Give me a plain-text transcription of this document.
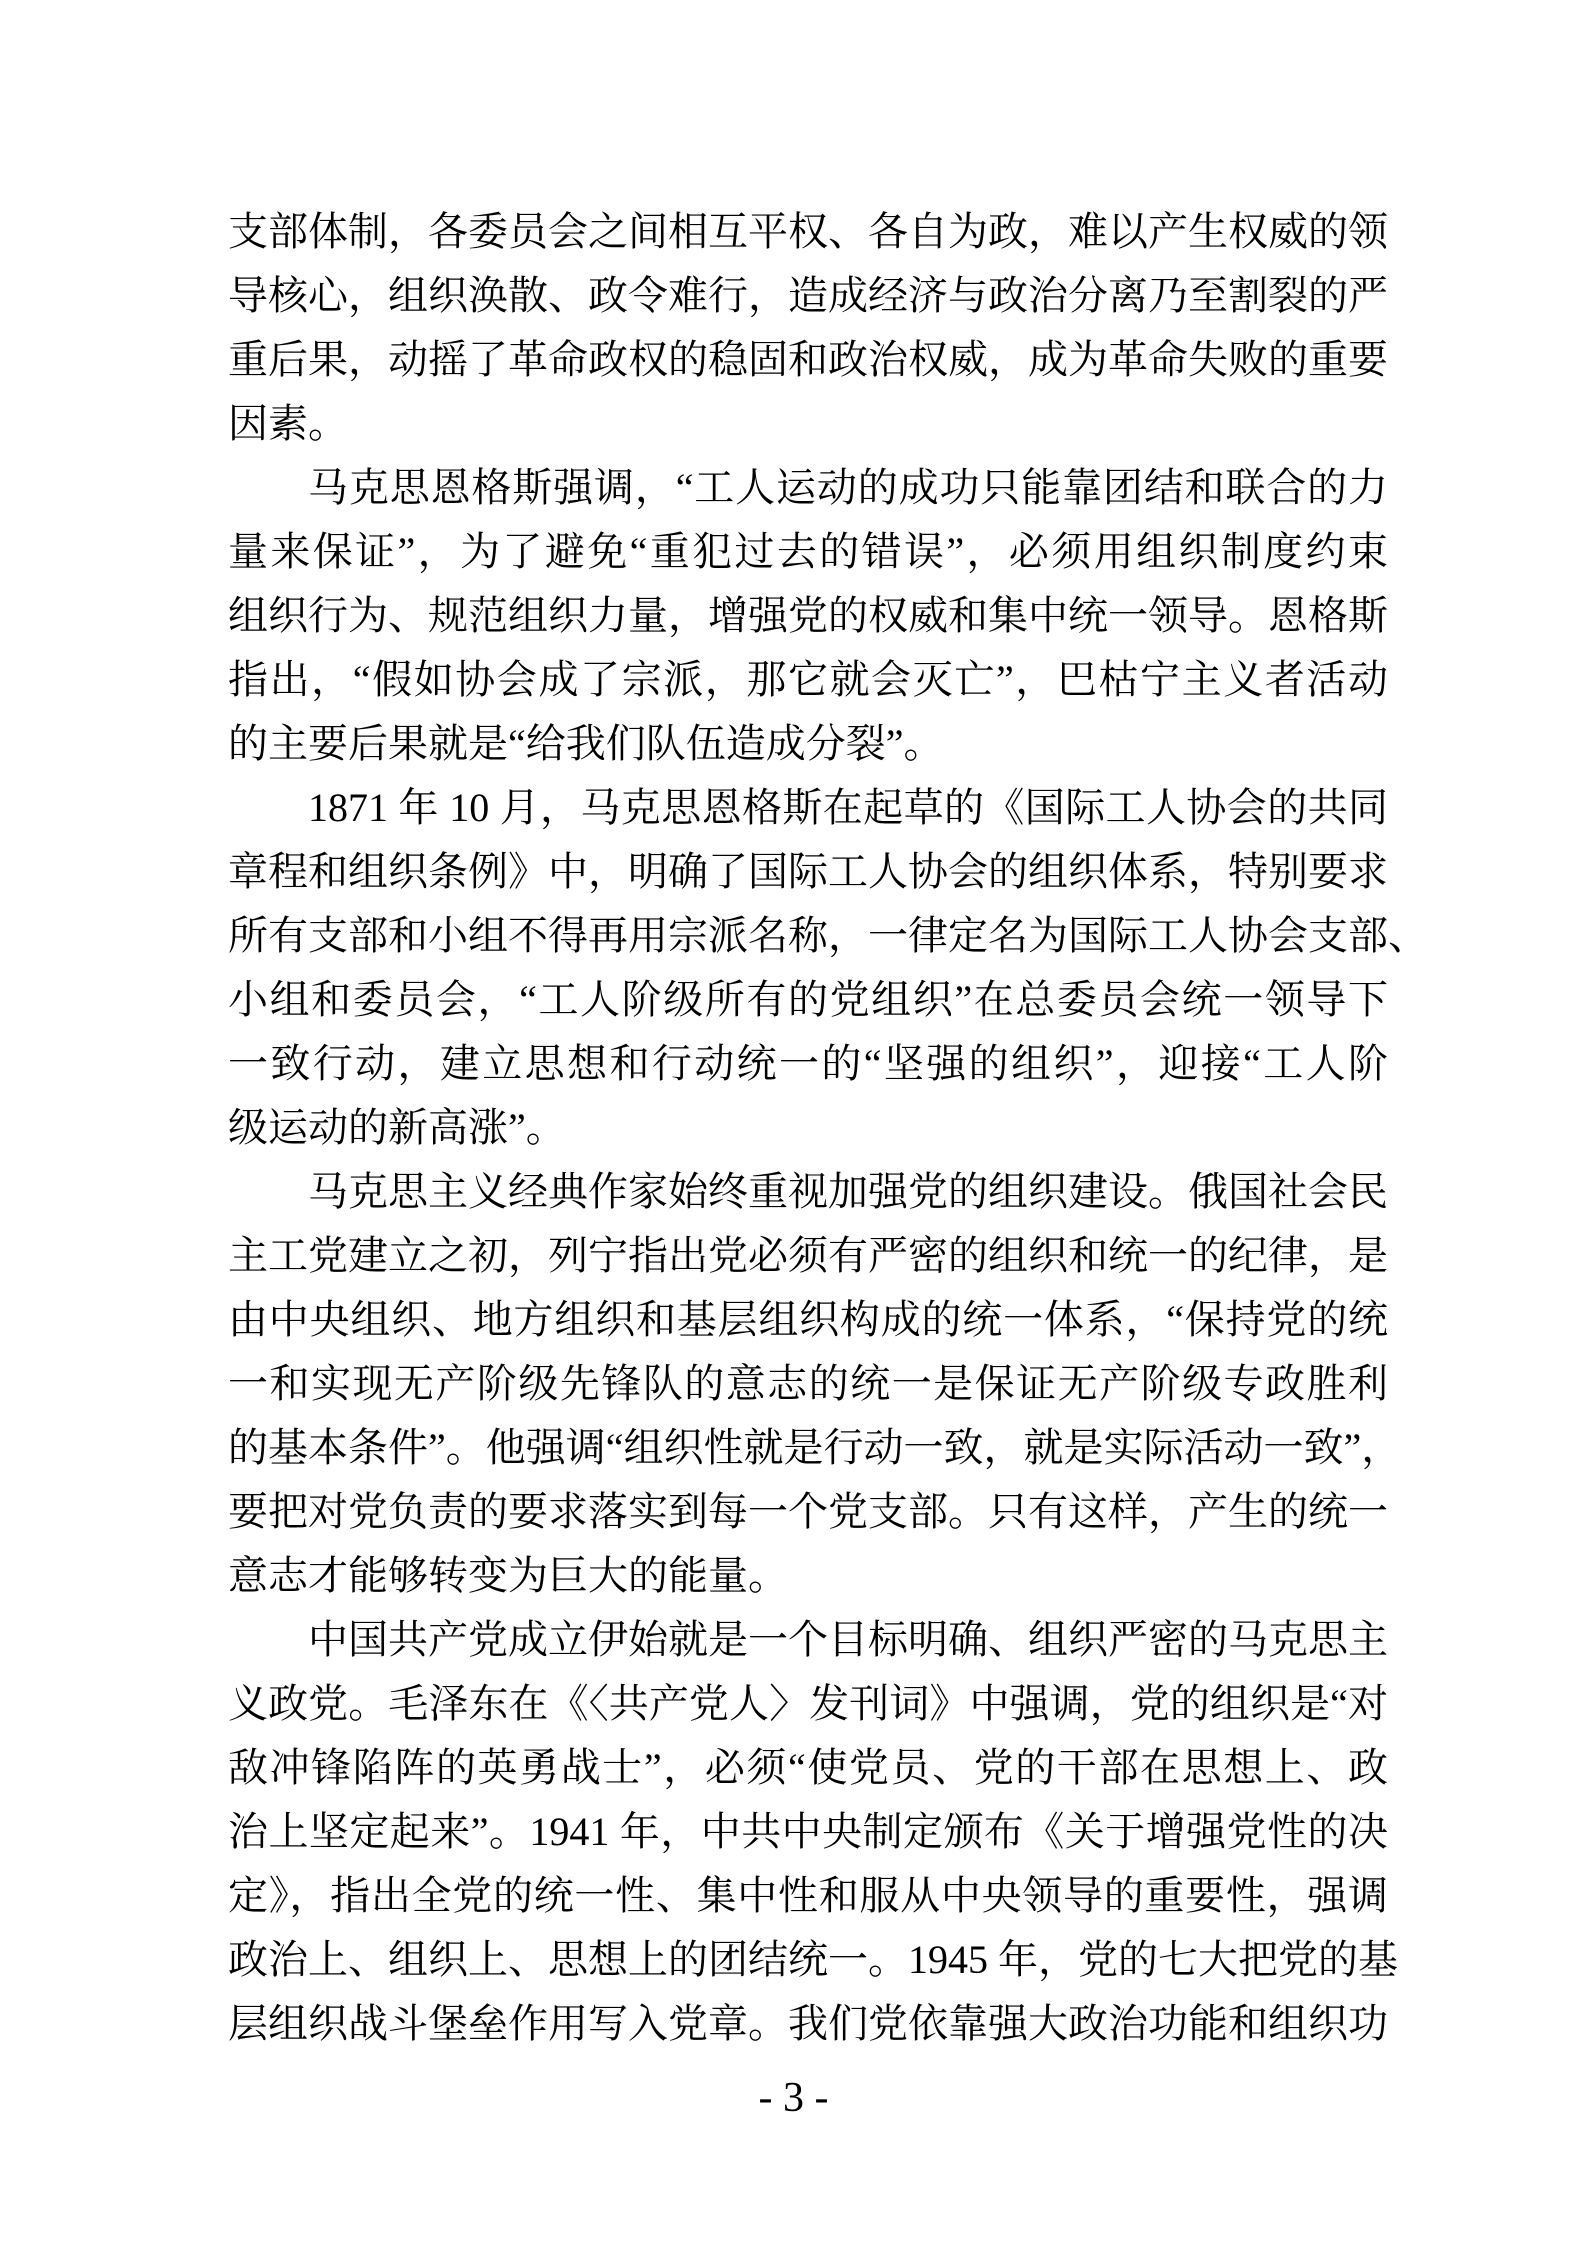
支部体制，各委员会之间相互平权、各自为政，难以产生权威的领
导核心，组织涣散、政令难行，造成经济与政治分离乃至割裂的严
重后果，动摇了革命政权的稳固和政治权威，成为革命失败的重要
因素。
马克思恩格斯强调，“工人运动的成功只能靠团结和联合的力
量来保证”，为了避免“重犯过去的错误”，必须用组织制度约束
组织行为、规范组织力量，增强党的权威和集中统一领导。恩格斯
指出，“假如协会成了宗派，那它就会灭亡”，巴枯宁主义者活动
的主要后果就是“给我们队伍造成分裂”。
1871 年 10 月，马克思恩格斯在起草的《国际工人协会的共同
章程和组织条例》中，明确了国际工人协会的组织体系，特别要求
所有支部和小组不得再用宗派名称，一律定名为国际工人协会支部、
小组和委员会，“工人阶级所有的党组织”在总委员会统一领导下
一致行动，建立思想和行动统一的“坚强的组织”，迎接“工人阶
级运动的新高涨”。
马克思主义经典作家始终重视加强党的组织建设。俄国社会民
主工党建立之初，列宁指出党必须有严密的组织和统一的纪律，是
由中央组织、地方组织和基层组织构成的统一体系，“保持党的统
一和实现无产阶级先锋队的意志的统一是保证无产阶级专政胜利
的基本条件”。他强调“组织性就是行动一致，就是实际活动一致”，
要把对党负责的要求落实到每一个党支部。只有这样，产生的统一
意志才能够转变为巨大的能量。
中国共产党成立伊始就是一个目标明确、组织严密的马克思主
义政党。毛泽东在《〈共产党人〉发刊词》中强调，党的组织是“对
敌冲锋陷阵的英勇战士”，必须“使党员、党的干部在思想上、政
治上坚定起来”。1941 年，中共中央制定颁布《关于增强党性的决
定》，指出全党的统一性、集中性和服从中央领导的重要性，强调
政治上、组织上、思想上的团结统一。1945 年，党的七大把党的基
层组织战斗堡垒作用写入党章。我们党依靠强大政治功能和组织功
- 3 -
